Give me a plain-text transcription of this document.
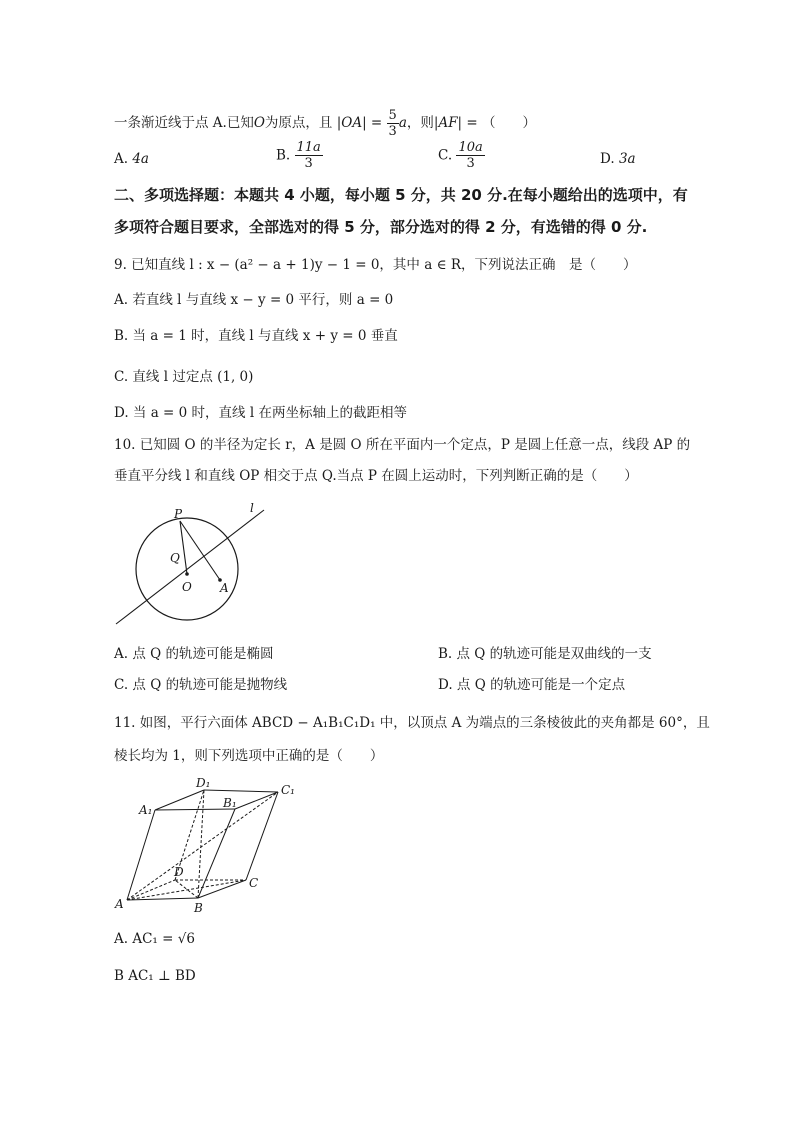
一条渐近线于点 A.已知O为原点，且 $|OA| = \frac{5}{3}$ a，则|AF| = （　　）
A. 4a	B. $\frac{11a}{3}$	C. $\frac{10a}{3}$	D. 3a
二、多项选择题：本题共 4 小题，每小题 5 分，共 20 分.在每小题给出的选项中，有
多项符合题目要求，全部选对的得 5 分，部分选对的得 2 分，有选错的得 0 分.
9. 已知直线 l : x − (a² − a + 1)y − 1 = 0，其中 a ∈ R，下列说法正确　是（　　）
A. 若直线 l 与直线 x − y = 0 平行，则 a = 0
B. 当 a = 1 时，直线 l 与直线 x + y = 0 垂直
C. 直线 l 过定点 (1, 0)
D. 当 a = 0 时，直线 l 在两坐标轴上的截距相等
10. 已知圆 O 的半径为定长 r，A 是圆 O 所在平面内一个定点，P 是圆上任意一点，线段 AP 的
垂直平分线 l 和直线 OP 相交于点 Q.当点 P 在圆上运动时，下列判断正确的是（　　）
P
Q
O A
l
A. 点 Q 的轨迹可能是椭圆	B. 点 Q 的轨迹可能是双曲线的一支
C. 点 Q 的轨迹可能是抛物线	D. 点 Q 的轨迹可能是一个定点
11. 如图，平行六面体 ABCD − A₁B₁C₁D₁ 中，以顶点 A 为端点的三条棱彼此的夹角都是 60°，且
棱长均为 1，则下列选项中正确的是（　　）
A₁
D₁
B₁
C₁
D
C
A	B
A. AC₁ = √6
B AC₁ ⊥ BD
